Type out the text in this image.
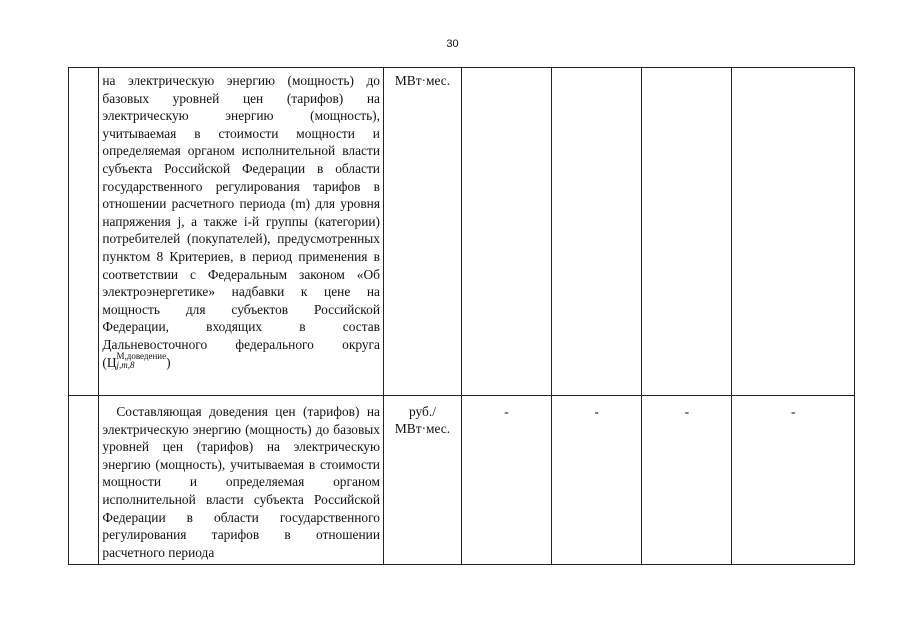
30

	на электрическую энергию (мощность) до базовых уровней цен (тарифов) на электрическую энергию (мощность), учитываемая в стоимости мощности и определяемая органом исполнительной власти субъекта Российской Федерации в области государственного регулирования тарифов в отношении расчетного периода (m) для уровня напряжения j, а также i-й группы (категории) потребителей (покупателей), предусмотренных пунктом 8 Критериев, в период применения в соответствии с Федеральным законом «Об электроэнергетике» надбавки к цене на мощность для субъектов Российской Федерации, входящих в состав Дальневосточного федерального округа (Ц М,доведение
j,m,8 )	МВт·мес.				

	Составляющая доведения цен (тарифов) на электрическую энергию (мощность) до базовых уровней цен (тарифов) на электрическую энергию (мощность), учитываемая в стоимости мощности и определяемая органом исполнительной власти субъекта Российской Федерации в области государственного регулирования тарифов в отношении расчетного периода	руб./
МВт·мес.	-	-	-	-
